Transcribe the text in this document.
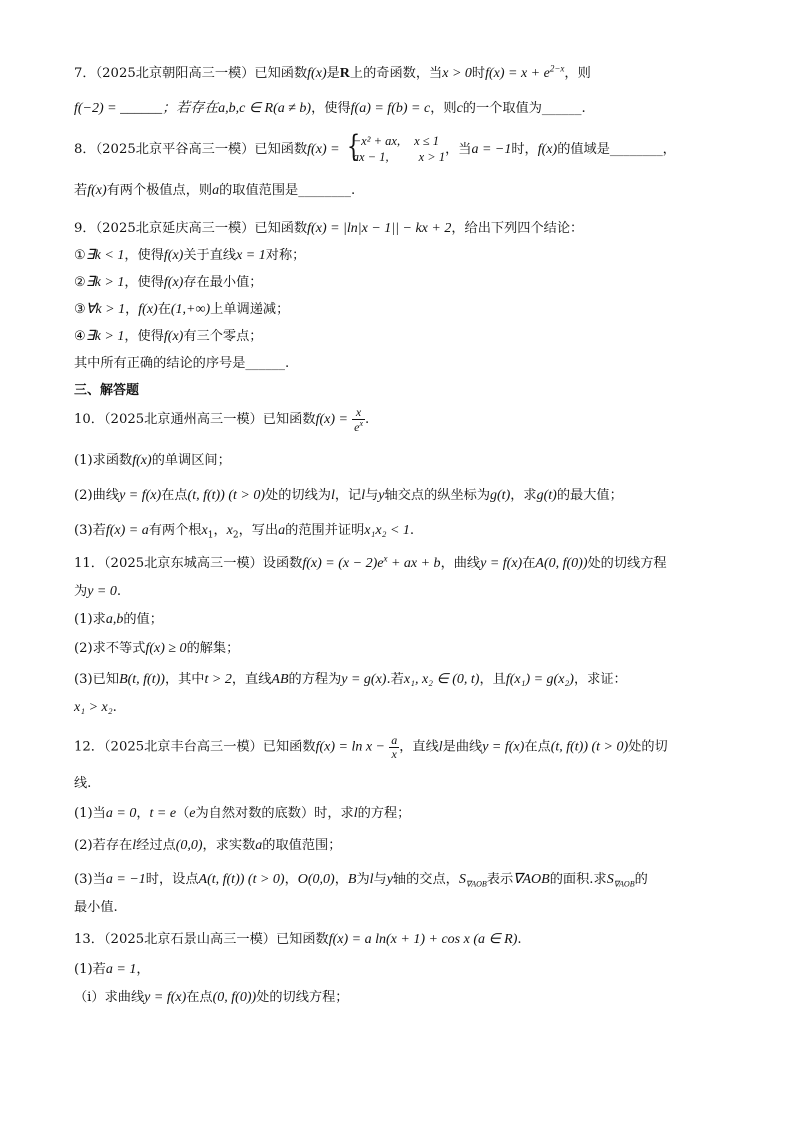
7．（2025北京朝阳高三一模）已知函数f(x)是R上的奇函数，当x > 0时$f(x) = x + e^{2-x}$，则
f(−2) = ______；若存在a,b,c ∈ R(a ≠ b)，使得f(a) = f(b) = c，则c的一个取值为______.
8．（2025北京平谷高三一模）已知函数f(x) = {
−x² + ax, x ≤ 1
ax − 1, x > 1 ，当a = −1时，f(x)的值域是________，
若f(x)有两个极值点，则a的取值范围是________.
9．（2025北京延庆高三一模）已知函数f(x) = |ln|x − 1|| − kx + 2，给出下列四个结论：
①∃k < 1，使得f(x)关于直线x = 1对称；
②∃k > 1，使得f(x)存在最小值；
③∀k > 1，f(x)在(1,+∞)上单调递减；
④∃k > 1，使得f(x)有三个零点；
其中所有正确的结论的序号是______.
三、解答题
10．（2025北京通州高三一模）已知函数$f(x) = \frac{x}{e^x}$ .
(1)求函数f(x)的单调区间；
(2)曲线y = f(x)在点(t, f(t)) (t > 0)处的切线为l，记l与y轴交点的纵坐标为g(t)，求g(t)的最大值；
(3)若f(x) = a有两个根$x_1$，$x_2$，写出a的范围并证明x₁x₂ < 1.
11．（2025北京东城高三一模）设函数$f(x) = (x - 2)e^x$ + ax + b，曲线y = f(x)在A(0, f(0))处的切线方程
为y = 0.
(1)求a,b的值；
(2)求不等式f(x) ≥ 0的解集；
(3)已知B(t, f(t))，其中t > 2，直线AB的方程为y = g(x).若x₁, x₂ ∈ (0, t)，且f(x₁) = g(x₂)，求证：
x₁ > x₂.
12．（2025北京丰台高三一模）已知函数$f(x) = \ln x - \frac{a}{x}$ ，直线l是曲线y = f(x)在点(t, f(t)) (t > 0)处的切
线.
(1)当a = 0，t = e（e为自然对数的底数）时，求l的方程；
(2)若存在l经过点(0,0)，求实数a的取值范围；
(3)当a = −1时，设点A(t, f(t)) (t > 0)，O(0,0)，B为l与y轴的交点，$S_{\nabla AOB}$表示∇AOB的面积.求$S_{\nabla AOB}$的
最小值.
13．（2025北京石景山高三一模）已知函数f(x) = a ln(x + 1) + cos x (a ∈ R).
(1)若a = 1，
（i）求曲线y = f(x)在点(0, f(0))处的切线方程；
